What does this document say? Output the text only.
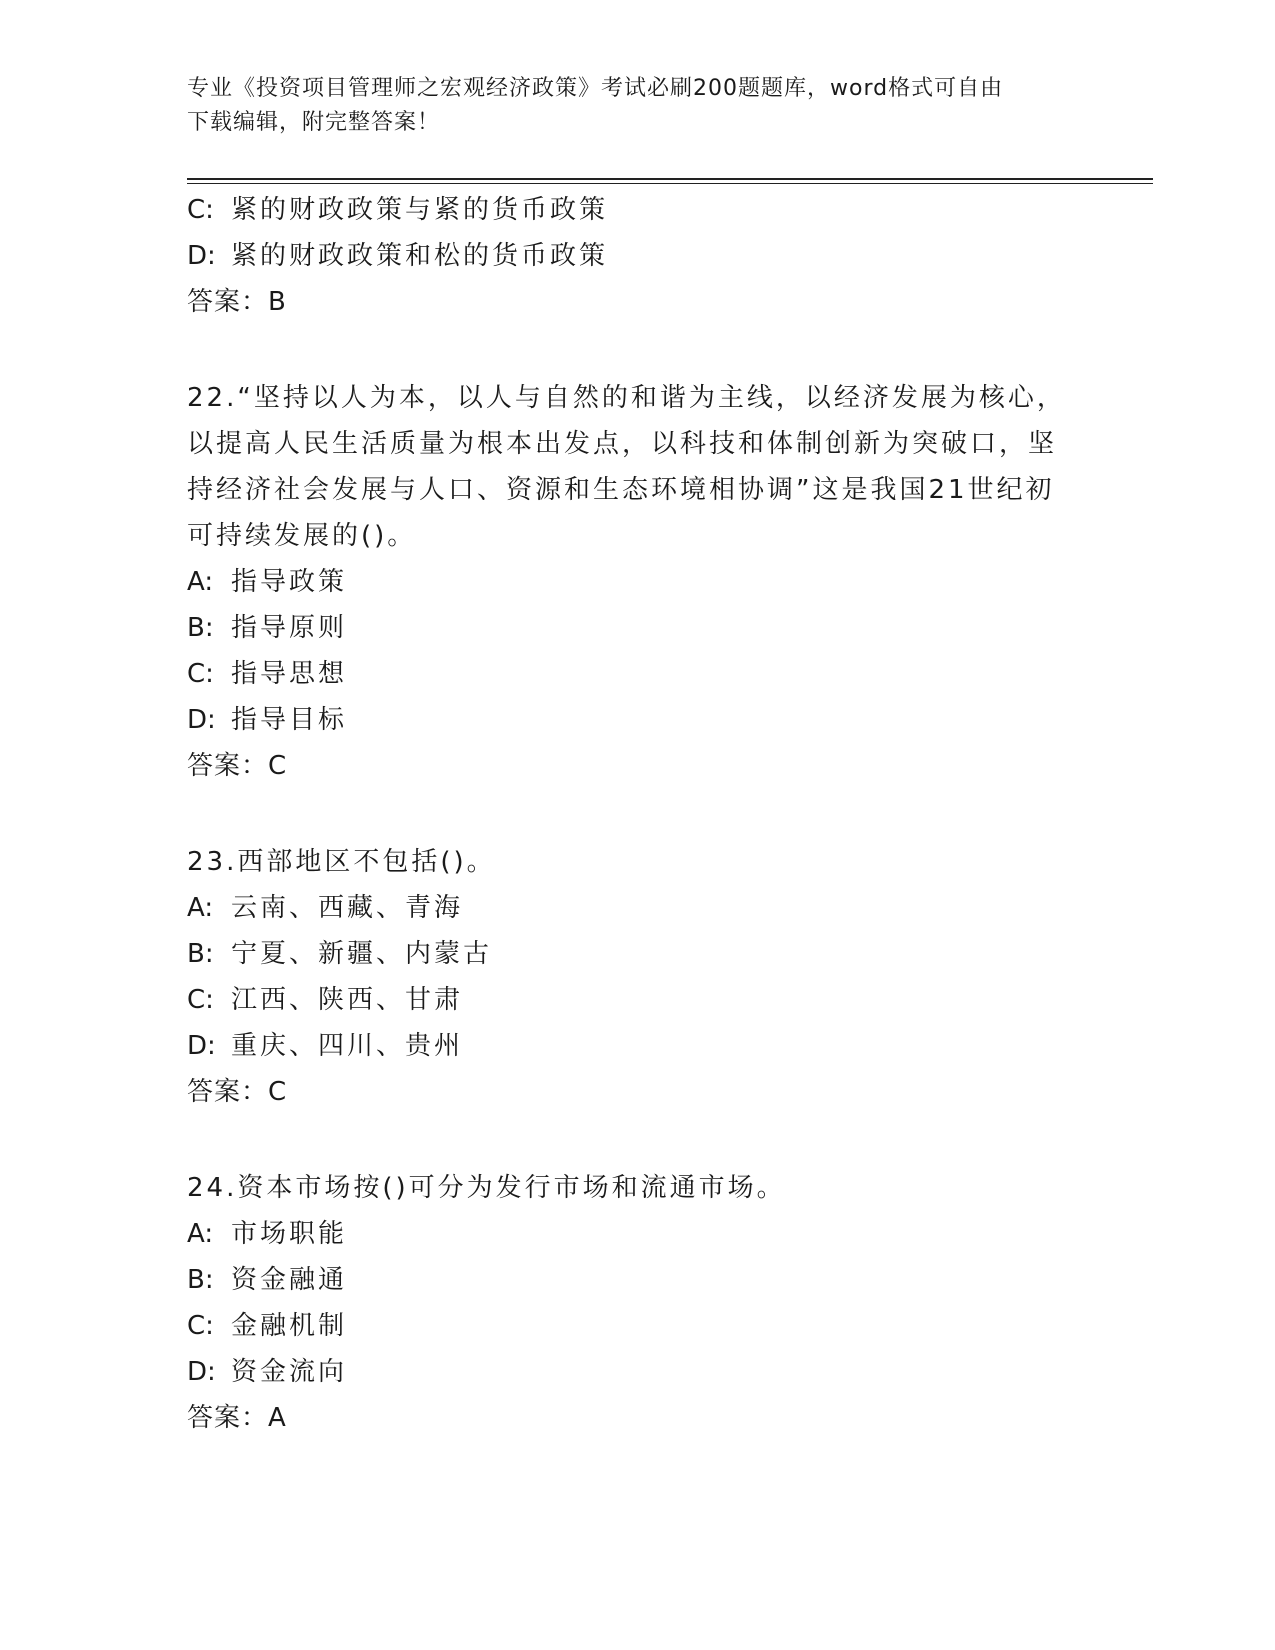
专业《投资项目管理师之宏观经济政策》考试必刷200题题库，word格式可自由
下载编辑，附完整答案！
C: 紧的财政政策与紧的货币政策
D: 紧的财政政策和松的货币政策
答案：B
22.“坚持以人为本，以人与自然的和谐为主线，以经济发展为核心，
以提高人民生活质量为根本出发点，以科技和体制创新为突破口，坚
持经济社会发展与人口、资源和生态环境相协调”这是我国21世纪初
可持续发展的()。
A: 指导政策
B: 指导原则
C: 指导思想
D: 指导目标
答案：C
23.西部地区不包括()。
A: 云南、西藏、青海
B: 宁夏、新疆、内蒙古
C: 江西、陕西、甘肃
D: 重庆、四川、贵州
答案：C
24.资本市场按()可分为发行市场和流通市场。
A: 市场职能
B: 资金融通
C: 金融机制
D: 资金流向
答案：A
